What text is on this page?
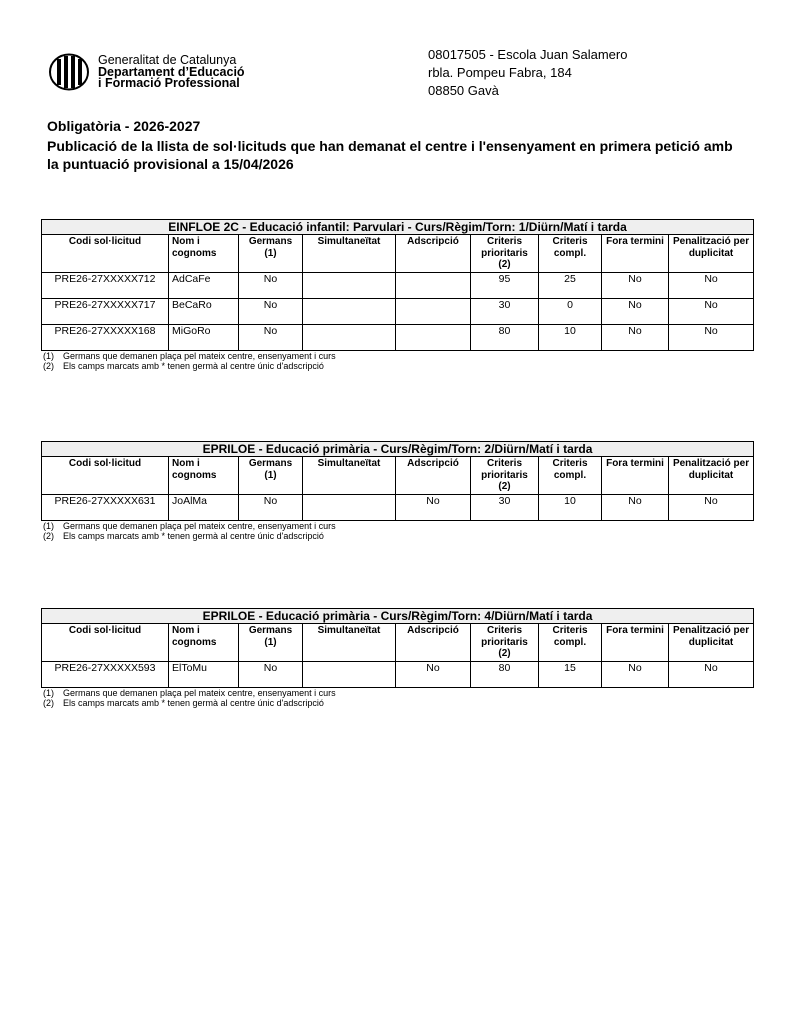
Generalitat de Catalunya
Departament d’Educació
i Formació Professional
08017505 - Escola Juan Salamero
rbla. Pompeu Fabra, 184
08850 Gavà
Obligatòria - 2026-2027
Publicació de la llista de sol·licituds que han demanat el centre i l'ensenyament en primera petició amb la puntuació provisional a 15/04/2026
EINFLOE 2C - Educació infantil: Parvulari - Curs/Règim/Torn: 1/Diürn/Matí i tarda								
Codi sol·licitud	Nom i cognoms	Germans (1)	Simultaneïtat	Adscripció	Criteris prioritaris (2)	Criteris compl.	Fora termini	Penalització per duplicitat
PRE26-27XXXXX712	AdCaFe	No			95	25	No	No
PRE26-27XXXXX717	BeCaRo	No			30	0	No	No
PRE26-27XXXXX168	MiGoRo	No			80	10	No	No
(1) Germans que demanen plaça pel mateix centre, ensenyament i curs
(2) Els camps marcats amb * tenen germà al centre únic d'adscripció
EPRILOE - Educació primària - Curs/Règim/Torn: 2/Diürn/Matí i tarda								
Codi sol·licitud	Nom i cognoms	Germans (1)	Simultaneïtat	Adscripció	Criteris prioritaris (2)	Criteris compl.	Fora termini	Penalització per duplicitat
PRE26-27XXXXX631	JoAlMa	No		No	30	10	No	No
(1) Germans que demanen plaça pel mateix centre, ensenyament i curs
(2) Els camps marcats amb * tenen germà al centre únic d'adscripció
EPRILOE - Educació primària - Curs/Règim/Torn: 4/Diürn/Matí i tarda								
Codi sol·licitud	Nom i cognoms	Germans (1)	Simultaneïtat	Adscripció	Criteris prioritaris (2)	Criteris compl.	Fora termini	Penalització per duplicitat
PRE26-27XXXXX593	ElToMu	No		No	80	15	No	No
(1) Germans que demanen plaça pel mateix centre, ensenyament i curs
(2) Els camps marcats amb * tenen germà al centre únic d'adscripció
